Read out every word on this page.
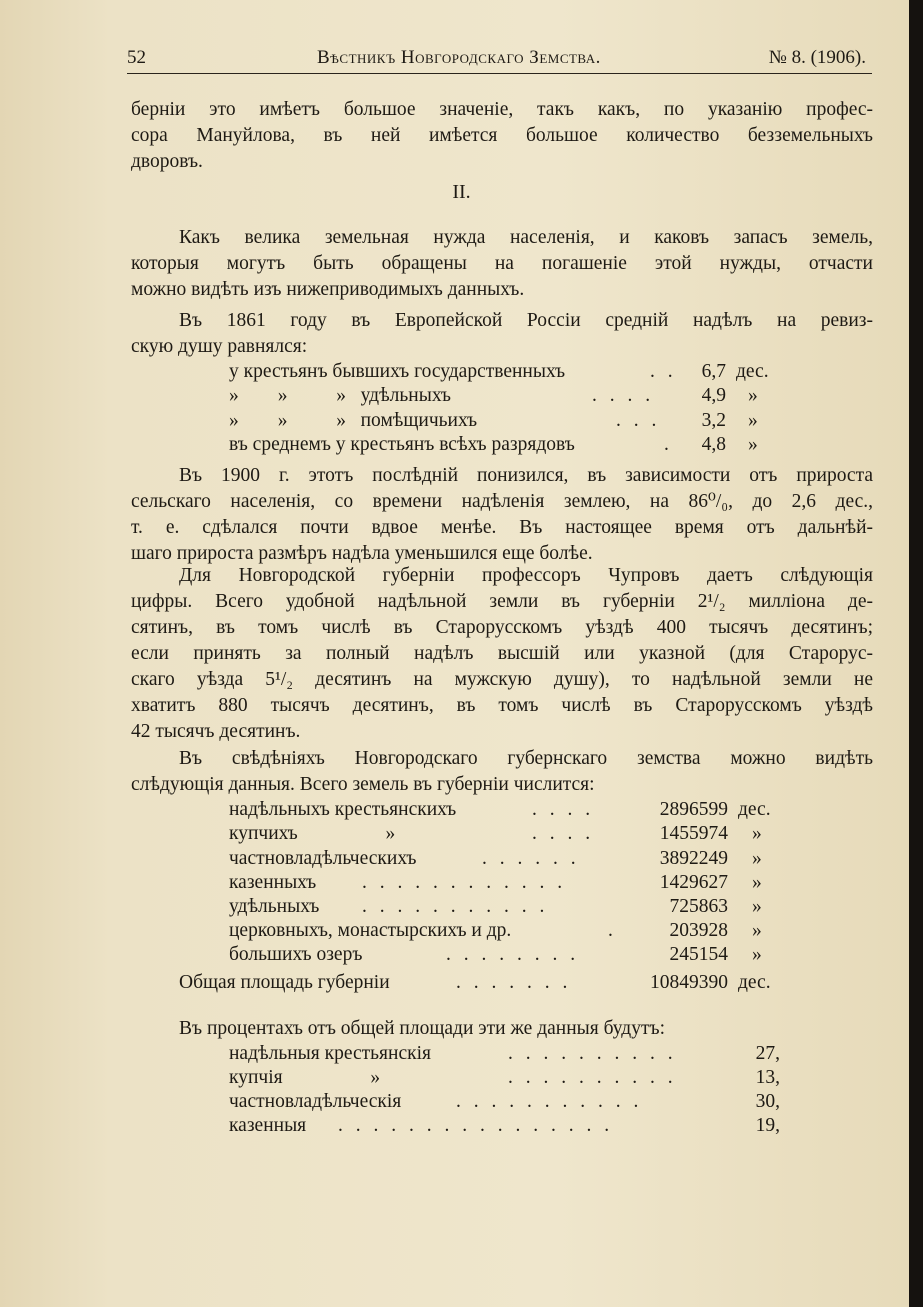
52	Вѣстникъ Новгородскаго Земства.	№ 8. (1906).
берніи это имѣетъ большое значеніе, такъ какъ, по указанію профес-
сора Мануйлова, въ ней имѣется большое количество безземельныхъ
дворовъ.
II.
Какъ велика земельная нужда населенія, и каковъ запасъ земель,
которыя могутъ быть обращены на погашеніе этой нужды, отчасти
можно видѣть изъ нижеприводимыхъ данныхъ.
Въ 1861 году въ Европейской Россіи средній надѣлъ на ревиз-
скую душу равнялся:
у крестьянъ бывшихъ государственныхъ	. .	6,7 дес.
»        »          »   удѣльныхъ	. . . .	4,9 »
»        »          »   помѣщичьихъ	. . .	3,2 »
въ среднемъ у крестьянъ всѣхъ разрядовъ	.	4,8 »
Въ 1900 г. этотъ послѣдній понизился, въ зависимости отъ прироста
сельскаго населенія, со времени надѣленія землею, на 86⁰/₀, до 2,6 дес.,
т. е. сдѣлался почти вдвое менѣе. Въ настоящее время отъ дальнѣй-
шаго прироста размѣръ надѣла уменьшился еще болѣе.
Для Новгородской губерніи профессоръ Чупровъ даетъ слѣдующія
цифры. Всего удобной надѣльной земли въ губерніи 2¹/₂ милліона де-
сятинъ, въ томъ числѣ въ Старорусскомъ уѣздѣ 400 тысячъ десятинъ;
если принять за полный надѣлъ высшій или указной (для Старорус-
скаго уѣзда 5¹/₂ десятинъ на мужскую душу), то надѣльной земли не
хватитъ 880 тысячъ десятинъ, въ томъ числѣ въ Старорусскомъ уѣздѣ
42 тысячъ десятинъ.
Въ свѣдѣніяхъ Новгородскаго губернскаго земства можно видѣть
слѣдующія данныя. Всего земель въ губерніи числится:
надѣльныхъ крестьянскихъ	. . . .	2896599 дес.
купчихъ                  »	. . . .	1455974 »
частновладѣльческихъ	. . . . . .	3892249 »
казенныхъ . . . . . . . . . . . .	1429627 »
удѣльныхъ . . . . . . . . . . .	725863 »
церковныхъ, монастырскихъ и др.	.	203928 »
большихъ озеръ	. . . . . . . .	245154 »
Общая площадь губерніи	. . . . . . .	10849390 дес.
Въ процентахъ отъ общей площади эти же данныя будутъ:
надѣльныя крестьянскія	. . . . . . . . . .	27,
купчія                  »	. . . . . . . . . .	13,
частновладѣльческія	. . . . . . . . . . .	30,
казенныя . . . . . . . . . . . . . . . .	19,
